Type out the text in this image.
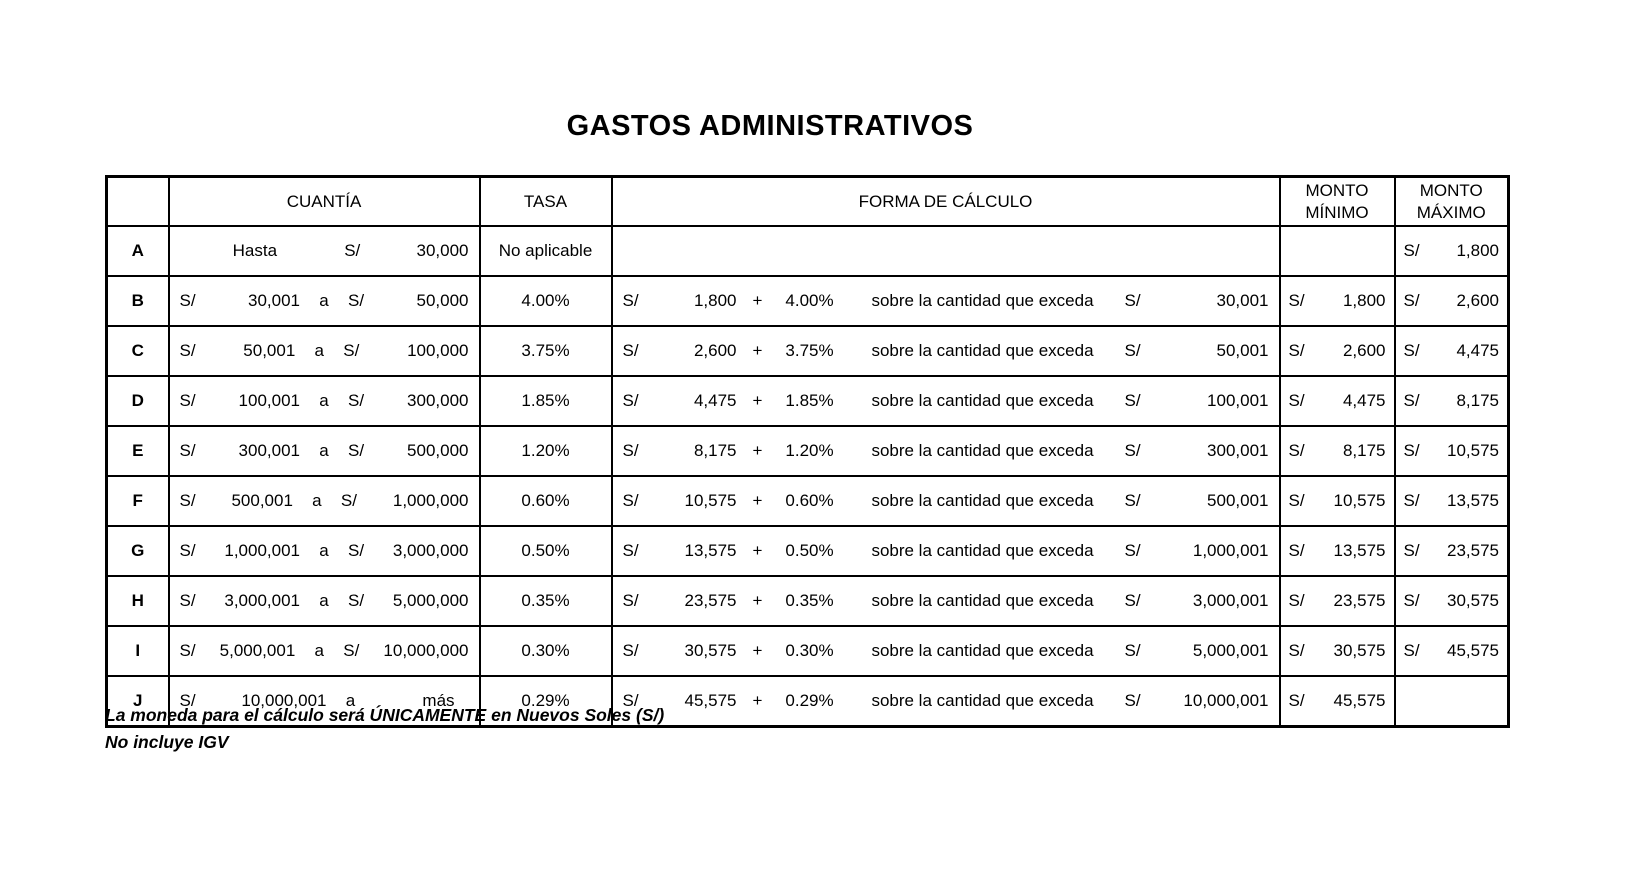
GASTOS ADMINISTRATIVOS
	CUANTÍA	TASA	FORMA DE CÁLCULO	MONTO MÍNIMO	MONTO MÁXIMO
A	Hasta S/ 30,000	No aplicable			S/ 1,800

B	S/	30,001	a	S/	50,000	4.00%	S/	1,800 +	4.00%	sobre la cantidad que exceda	S/	30,001	S/	1,800	S/	2,600

C	S/	50,001	a	S/	100,000	3.75%	S/	2,600 +	3.75%	sobre la cantidad que exceda	S/	50,001	S/	2,600	S/	4,475

D	S/	100,001	a	S/	300,000	1.85%	S/	4,475 +	1.85%	sobre la cantidad que exceda	S/	100,001	S/	4,475	S/	8,175

E	S/	300,001	a	S/	500,000	1.20%	S/	8,175 +	1.20%	sobre la cantidad que exceda	S/	300,001	S/	8,175	S/	10,575

F	S/	500,001	a	S/	1,000,000	0.60%	S/	10,575 +	0.60%	sobre la cantidad que exceda	S/	500,001	S/	10,575	S/	13,575

G	S/	1,000,001	a	S/	3,000,000	0.50%	S/	13,575 +	0.50%	sobre la cantidad que exceda	S/	1,000,001	S/	13,575	S/	23,575

H	S/	3,000,001	a	S/	5,000,000	0.35%	S/	23,575 +	0.35%	sobre la cantidad que exceda	S/	3,000,001	S/	23,575	S/	30,575

I	S/	5,000,001	a	S/	10,000,000	0.30%	S/	30,575 +	0.30%	sobre la cantidad que exceda	S/	5,000,001	S/	30,575	S/	45,575

J	S/	10,000,001	a	más	0.29%	S/	45,575 +	0.29%	sobre la cantidad que exceda	S/	10,000,001	S/	45,575

La moneda para el cálculo será ÚNICAMENTE en Nuevos Soles (S/)

No incluye IGV
